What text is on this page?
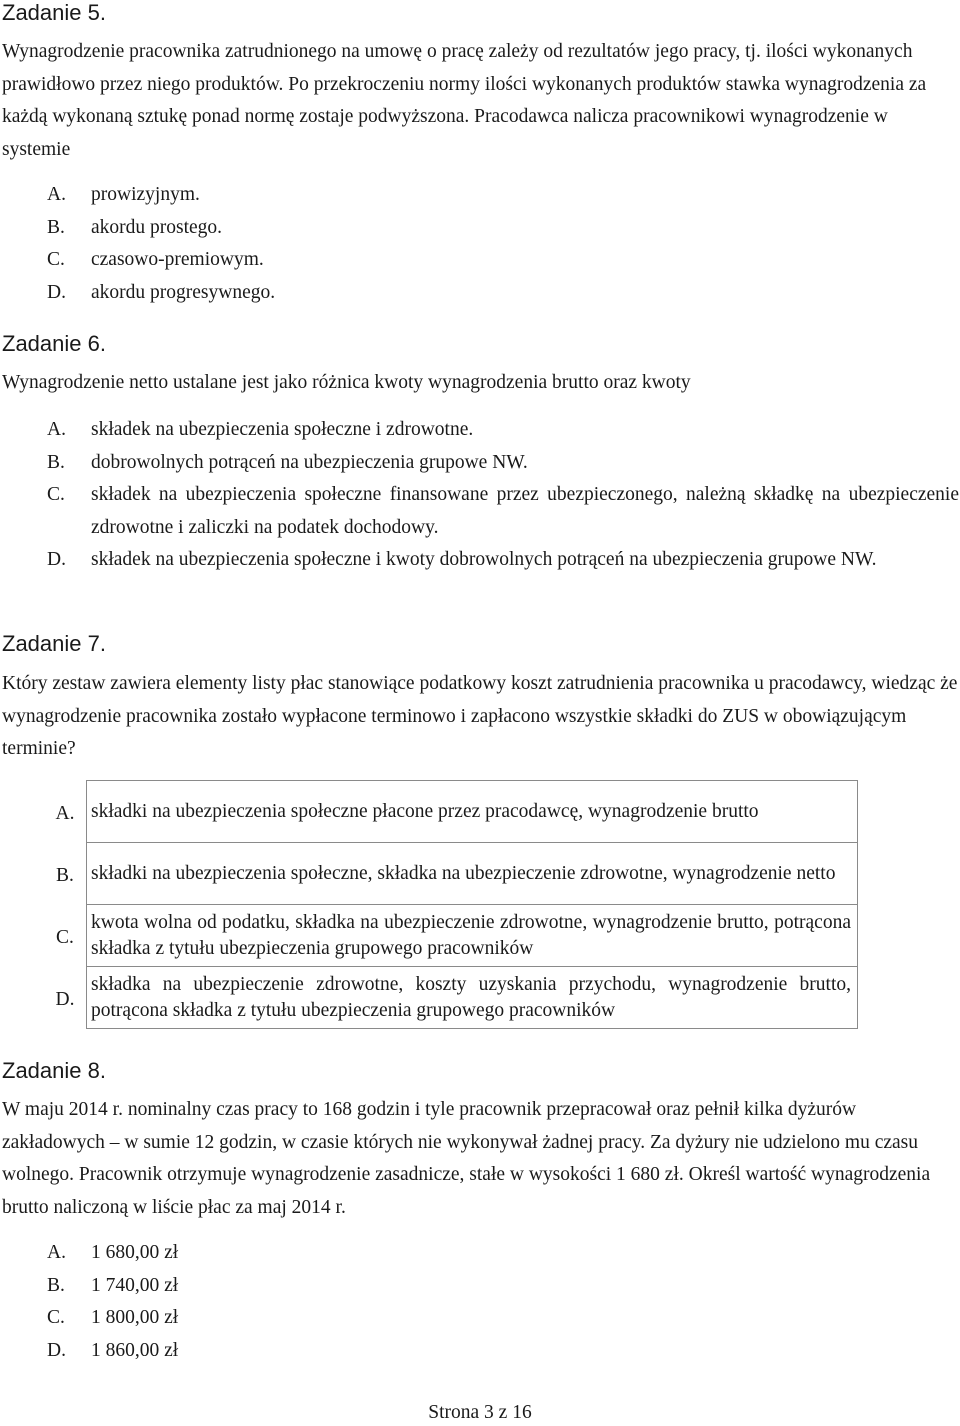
Zadanie 5.

Wynagrodzenie pracownika zatrudnionego na umowę o pracę zależy od rezultatów jego pracy, tj. ilości wykonanych prawidłowo przez niego produktów. Po przekroczeniu normy ilości wykonanych produktów stawka wynagrodzenia za każdą wykonaną sztukę ponad normę zostaje podwyższona. Pracodawca nalicza pracownikowi wynagrodzenie w systemie

A.	prowizyjnym.
B.	akordu prostego.
C.	czasowo-premiowym.
D.	akordu progresywnego.
Zadanie 6.

Wynagrodzenie netto ustalane jest jako różnica kwoty wynagrodzenia brutto oraz kwoty

A.	składek na ubezpieczenia społeczne i zdrowotne.
B.	dobrowolnych potrąceń na ubezpieczenia grupowe NW.
C.	składek na ubezpieczenia społeczne finansowane przez ubezpieczonego, należną składkę na ubezpieczenie zdrowotne i zaliczki na podatek dochodowy.
D.	składek na ubezpieczenia społeczne i kwoty dobrowolnych potrąceń na ubezpieczenia grupowe NW.
Zadanie 7.

Który zestaw zawiera elementy listy płac stanowiące podatkowy koszt zatrudnienia pracownika u pracodawcy, wiedząc że wynagrodzenie pracownika zostało wypłacone terminowo i zapłacono wszystkie składki do ZUS w obowiązującym terminie?

A.	składki na ubezpieczenia społeczne płacone przez pracodawcę, wynagrodzenie brutto
B.	składki na ubezpieczenia społeczne, składka na ubezpieczenie zdrowotne, wynagrodzenie netto
C.	kwota wolna od podatku, składka na ubezpieczenie zdrowotne, wynagrodzenie brutto, potrącona składka z tytułu ubezpieczenia grupowego pracowników
D.	składka na ubezpieczenie zdrowotne, koszty uzyskania przychodu, wynagrodzenie brutto, potrącona składka z tytułu ubezpieczenia grupowego pracowników
Zadanie 8.

W maju 2014 r. nominalny czas pracy to 168 godzin i tyle pracownik przepracował oraz pełnił kilka dyżurów zakładowych – w sumie 12 godzin, w czasie których nie wykonywał żadnej pracy. Za dyżury nie udzielono mu czasu wolnego. Pracownik otrzymuje wynagrodzenie zasadnicze, stałe w wysokości 1 680 zł. Określ wartość wynagrodzenia brutto naliczoną w liście płac za maj 2014 r.

A.	1 680,00 zł
B.	1 740,00 zł
C.	1 800,00 zł
D.	1 860,00 zł
Strona 3 z 16
